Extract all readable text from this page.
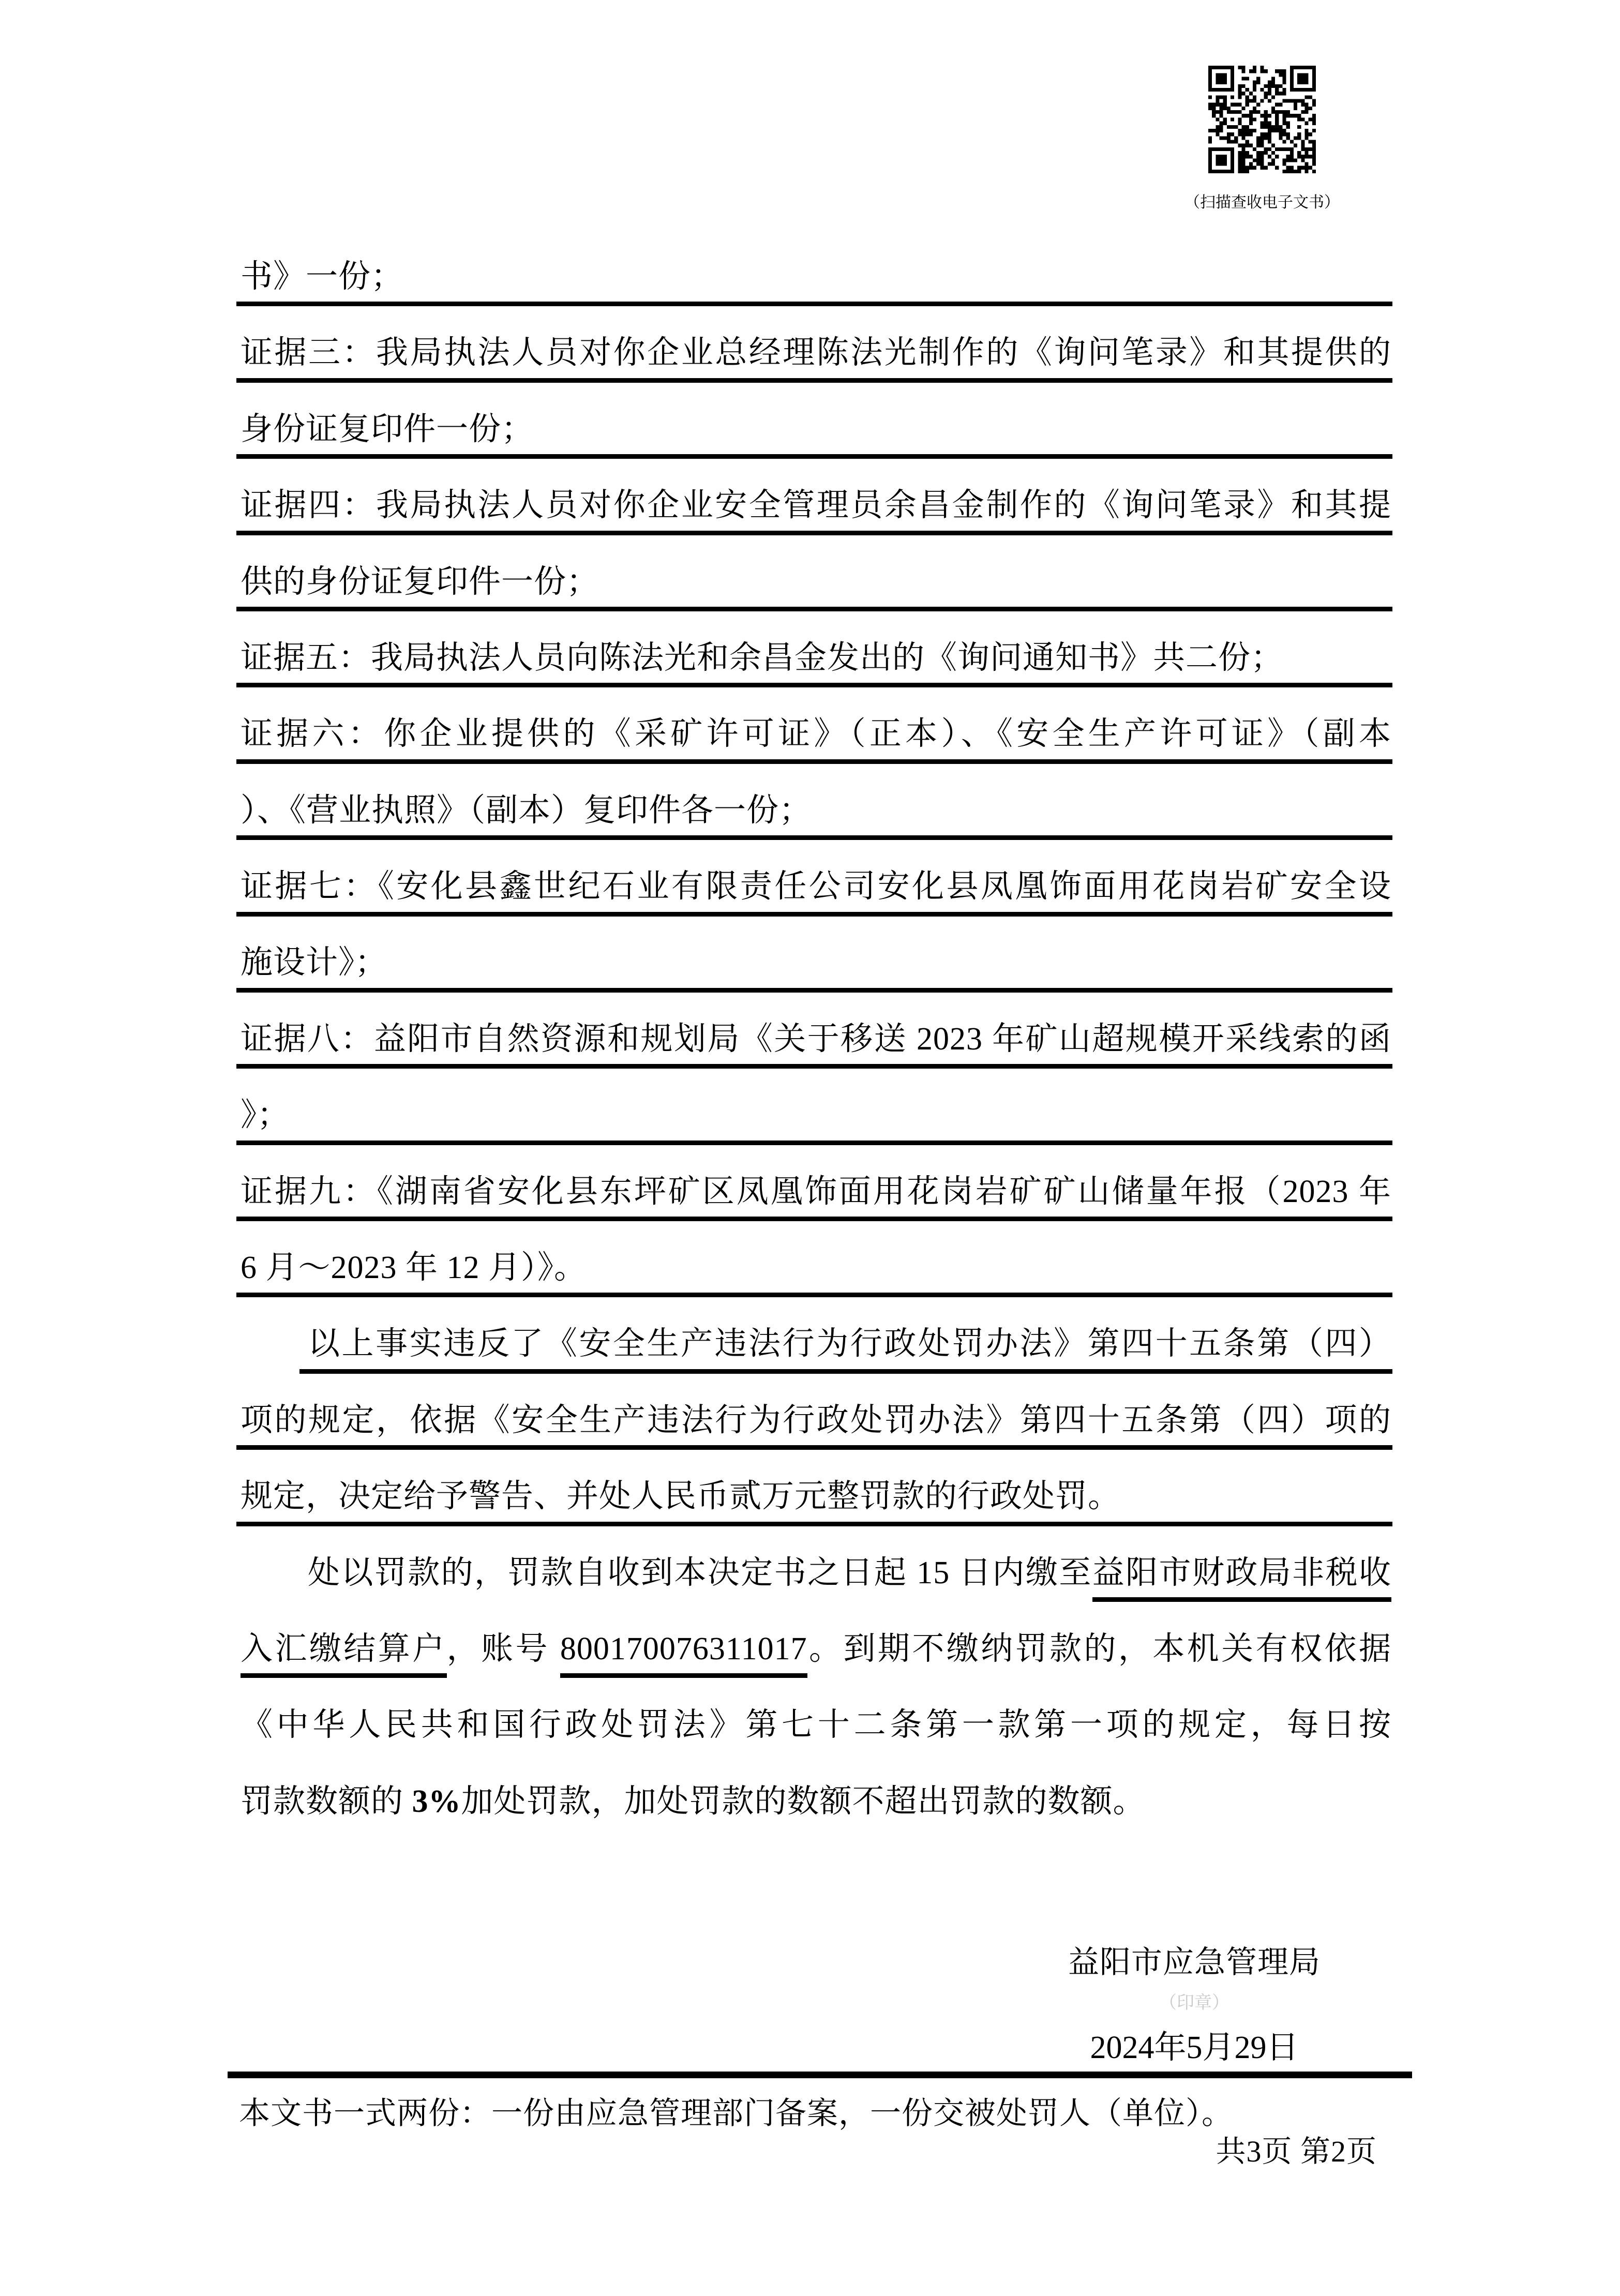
（扫描查收电子文书）
书》一份；
证据三：我局执法人员对你企业总经理陈法光制作的《询问笔录》和其提供的
身份证复印件一份；
证据四：我局执法人员对你企业安全管理员余昌金制作的《询问笔录》和其提
供的身份证复印件一份；
证据五：我局执法人员向陈法光和余昌金发出的《询问通知书》共二份；
证据六：你企业提供的《采矿许可证》（正本）、《安全生产许可证》（副本
）、《营业执照》（副本）复印件各一份；
证据七：《安化县鑫世纪石业有限责任公司安化县凤凰饰面用花岗岩矿安全设
施设计》；
证据八：益阳市自然资源和规划局《关于移送 2023 年矿山超规模开采线索的函
》；
证据九：《湖南省安化县东坪矿区凤凰饰面用花岗岩矿矿山储量年报（2023 年
6 月～2023 年 12 月）》。
以上事实违反了《安全生产违法行为行政处罚办法》第四十五条第（四）
项的规定，依据《安全生产违法行为行政处罚办法》第四十五条第（四）项的
规定，决定给予警告、并处人民币贰万元整罚款的行政处罚。
处以罚款的，罚款自收到本决定书之日起 15 日内缴至益阳市财政局非税收
入汇缴结算户，账号 800170076311017。到期不缴纳罚款的，本机关有权依据
《中华人民共和国行政处罚法》第七十二条第一款第一项的规定，每日按
罚款数额的 3%加处罚款，加处罚款的数额不超出罚款的数额。
益阳市应急管理局
（印章）
2024年5月29日
本文书一式两份：一份由应急管理部门备案，一份交被处罚人（单位）。
共3页 第2页
